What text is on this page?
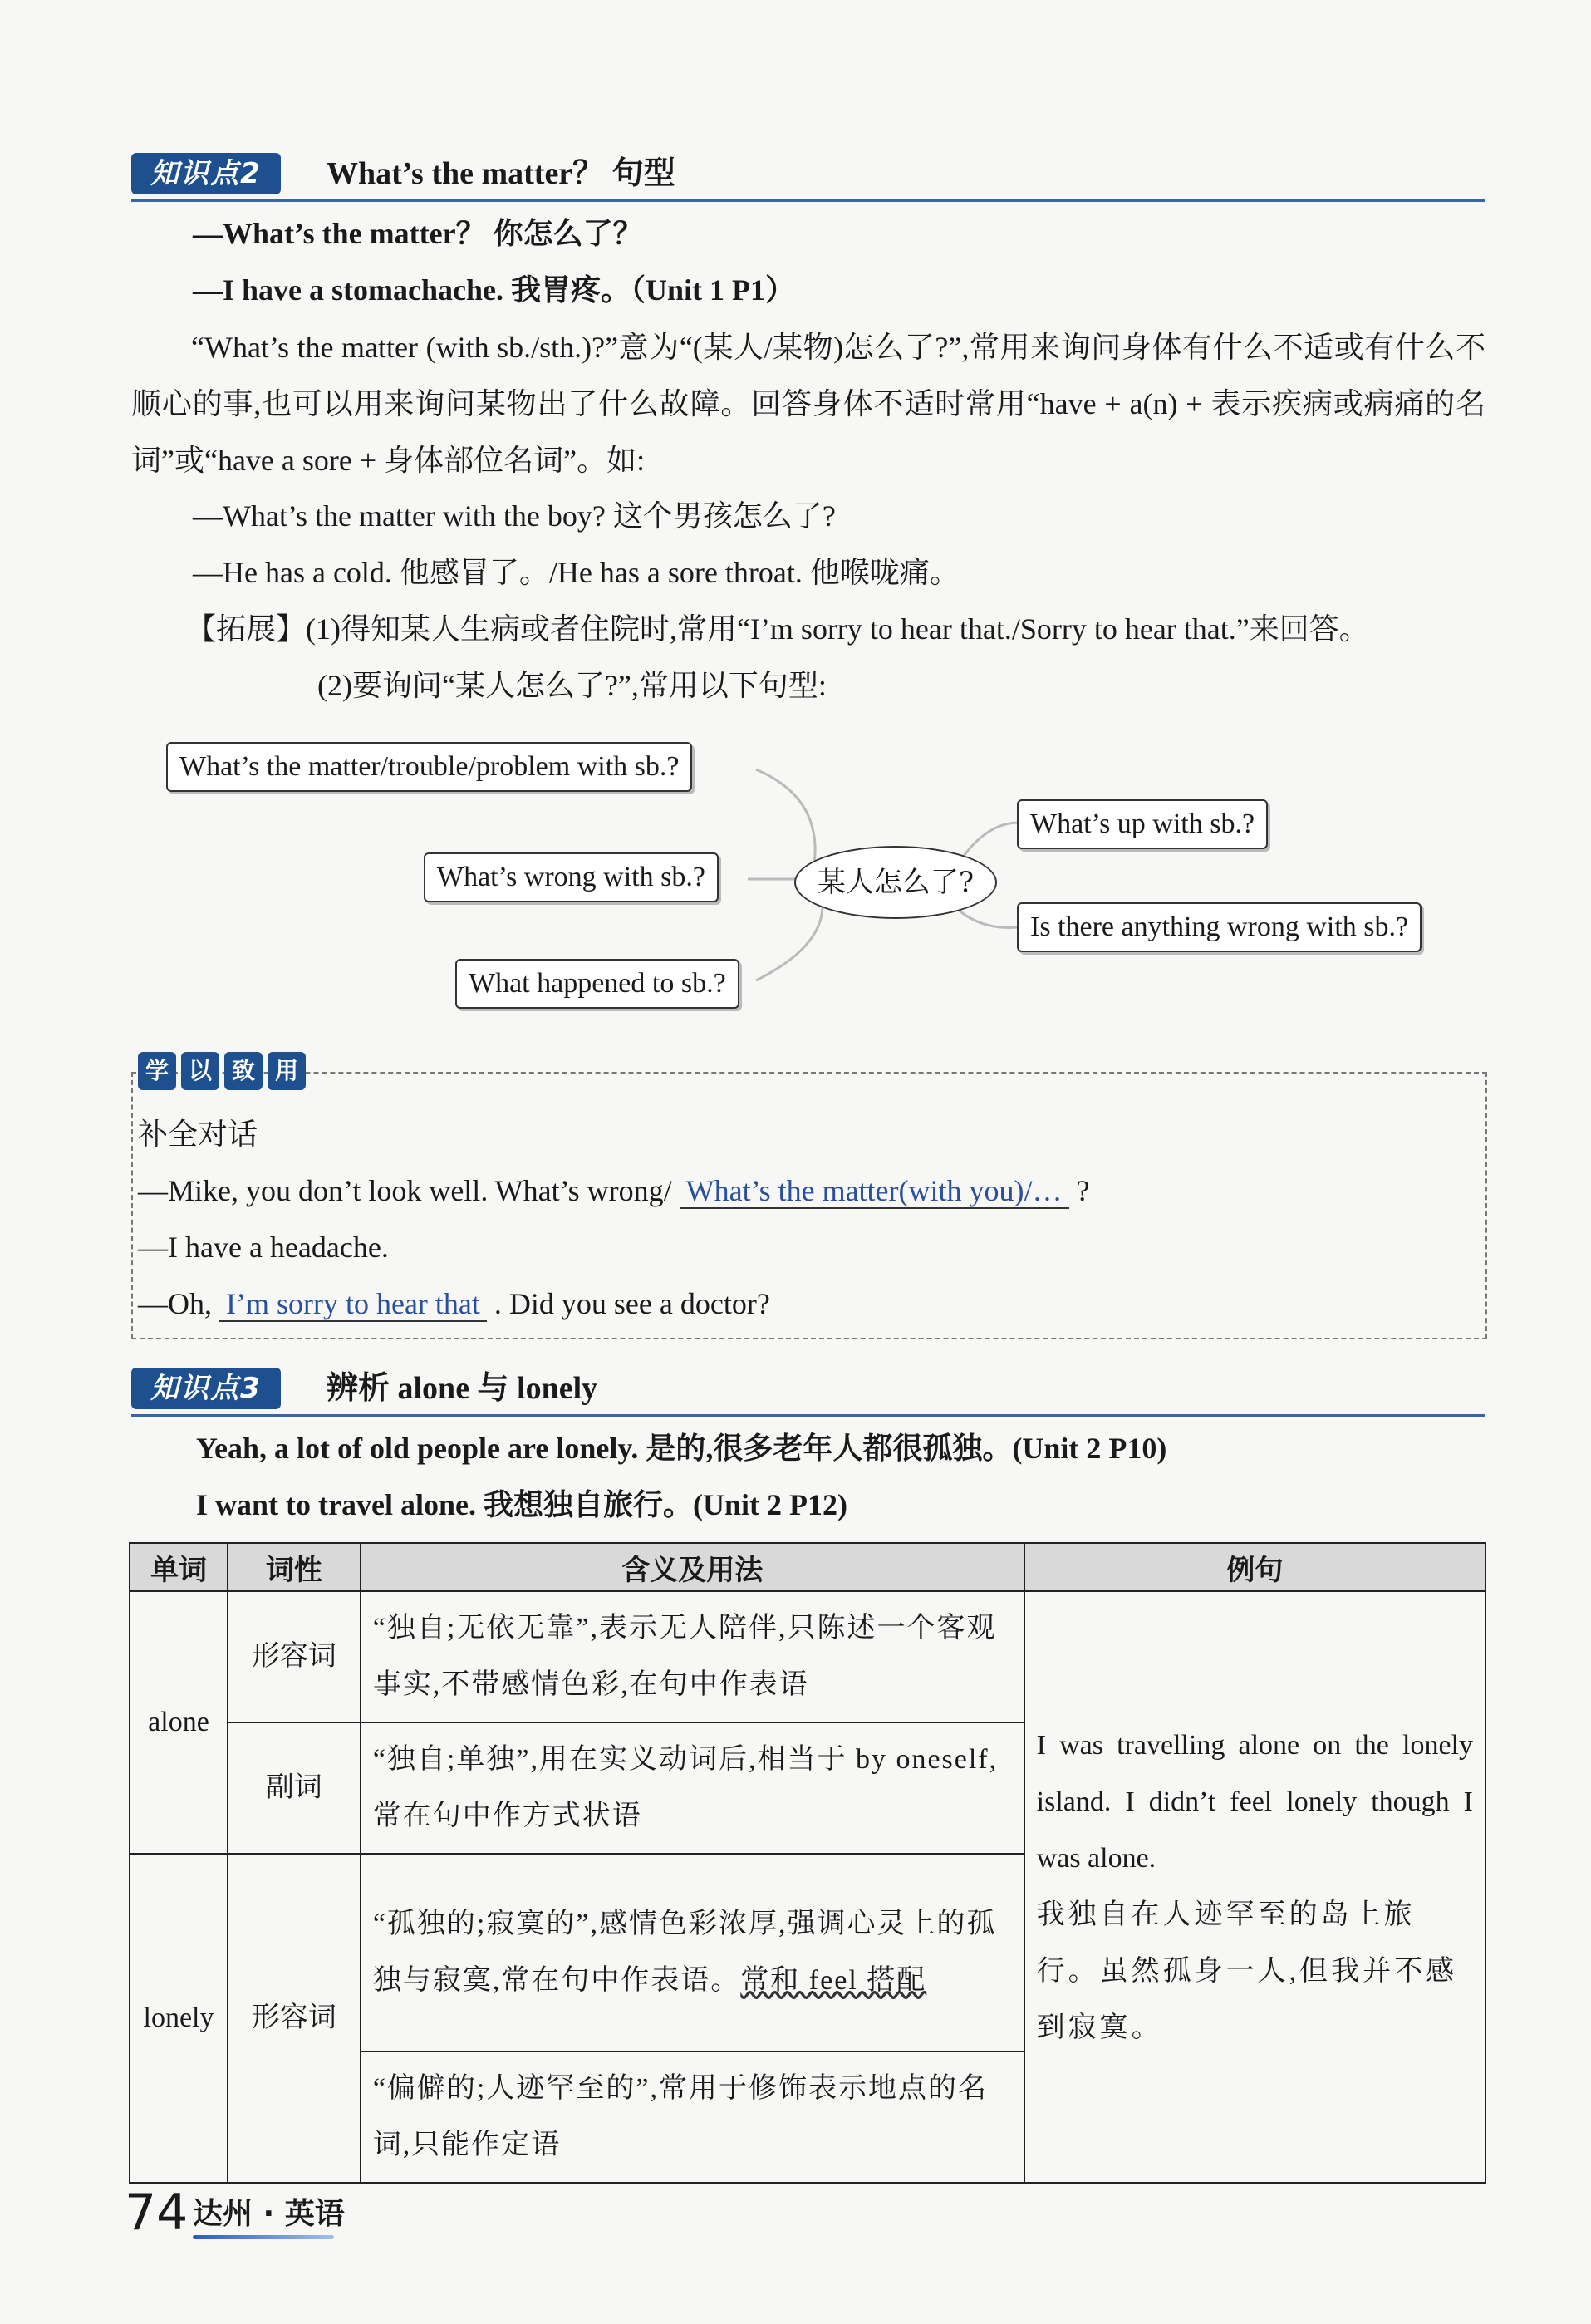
知识点2	What’s the matter？ 句型
—What’s the matter？ 你怎么了？
—I have a stomachache. 我胃疼。（Unit 1 P1）

“What’s the matter (with sb./sth.)?”意为“(某人/某物)怎么了?”,常用来询问身体有什么不适或有什么不顺心的事,也可以用来询问某物出了什么故障。回答身体不适时常用“have + a(n) + 表示疾病或病痛的名词”或“have a sore + 身体部位名词”。如:

—What’s the matter with the boy? 这个男孩怎么了?
—He has a cold. 他感冒了。/He has a sore throat. 他喉咙痛。
【拓展】(1)得知某人生病或者住院时,常用“I’m sorry to hear that./Sorry to hear that.”来回答。
(2)要询问“某人怎么了?”,常用以下句型:
What’s the matter/trouble/problem with sb.?
What’s wrong with sb.?
What happened to sb.?
某人怎么了?
What’s up with sb.?
Is there anything wrong with sb.?
学 以 致 用
补全对话
—Mike, you don’t look well. What’s wrong/ What’s the matter(with you)/… ?
—I have a headache.
—Oh, I’m sorry to hear that . Did you see a doctor?
知识点3	辨析 alone 与 lonely
Yeah, a lot of old people are lonely. 是的,很多老年人都很孤独。(Unit 2 P10)
I want to travel alone. 我想独自旅行。(Unit 2 P12)
单词	词性	含义及用法	例句
alone	形容词	“独自;无依无靠”,表示无人陪伴,只陈述一个客观事实,不带感情色彩,在句中作表语	I was travelling alone on the lonely island. I didn’t feel lonely though I was alone.
我独自在人迹罕至的岛上旅行。虽然孤身一人,但我并不感到寂寞。

	副词	“独自;单独”,用在实义动词后,相当于 by oneself,常在句中作方式状语	
lonely	形容词	“孤独的;寂寞的”,感情色彩浓厚,强调心灵上的孤独与寂寞,常在句中作表语。常和 feel 搭配	
		“偏僻的;人迹罕至的”,常用于修饰表示地点的名词,只能作定语	
74 达州 · 英语
